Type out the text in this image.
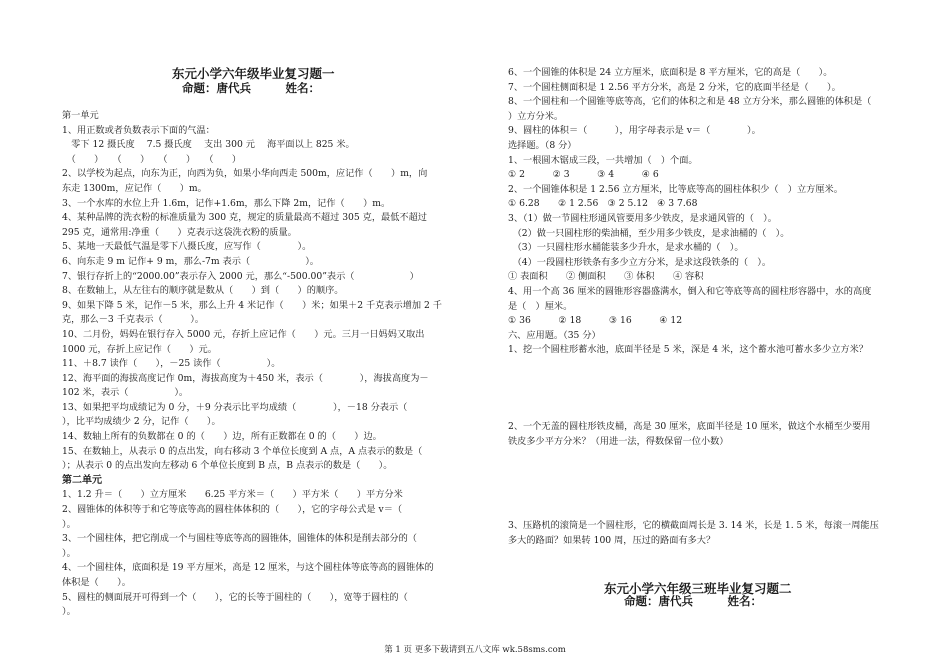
东元小学六年级毕业复习题一
命题：唐代兵　　　姓名：
第一单元
1、用正数或者负数表示下面的气温：
　零下 12 摄氏度　 7.5 摄氏度　 支出 300 元　 海平面以上 825 米。
　（　　）　　（　　）　　（　　）　　（　　）
2、以学校为起点，向东为正，向西为负，如果小华向西走 500m，应记作（　　）m，向
东走 1300m，应记作（　　）m。
3、一个水库的水位上升 1.6m，记作+1.6m，那么下降 2m，记作（　　）m。
4、某种品牌的洗衣粉的标准质量为 300 克，规定的质量最高不超过 305 克，最低不超过
295 克，通常用:净重（　　）克表示这袋洗衣粉的质量。
5、某地一天最低气温是零下八摄氏度，应写作（　　　　）。
6、向东走 9 m 记作+ 9 m，那么-7m 表示（　　　　　　）。
7、银行存折上的“2000.00”表示存入 2000 元，那么“-500.00”表示（　　　　　　）
8、在数轴上，从左往右的顺序就是数从（　　）到（　　）的顺序。
9、如果下降 5 米，记作－5 米，那么上升 4 米记作（　　）米；如果＋2 千克表示增加 2 千
克，那么－3 千克表示（　　　）。
10、二月份，妈妈在银行存入 5000 元，存折上应记作（　　）元。三月一日妈妈又取出
1000 元，存折上应记作（　　）元。
11、＋8.7 读作（　　），－25 读作（　　　　　）。
12、海平面的海拔高度记作 0m，海拔高度为＋450 米，表示（　　　　），海拔高度为－
102 米，表示（　　　　　）。
13、如果把平均成绩记为 0 分，＋9 分表示比平均成绩（　　　　），－18 分表示（
），比平均成绩少 2 分，记作（　　）。
14、数轴上所有的负数都在 0 的（　　）边，所有正数都在 0 的（　　）边。
15、在数轴上，从表示 0 的点出发，向右移动 3 个单位长度到 A 点，A 点表示的数是（
）；从表示 0 的点出发向左移动 6 个单位长度到 B 点，B 点表示的数是（　　）。
第二单元
1、1.2 升＝（　　）立方厘米　　6.25 平方米＝（　　）平方米（　　）平方分米
2、圆锥体的体积等于和它等底等高的圆柱体体积的（　　），它的字母公式是 v＝（
）。
3、一个圆柱体，把它削成一个与圆柱等底等高的圆锥体，圆锥体的体积是削去部分的（
）。
4、一个圆柱体，底面积是 19 平方厘米，高是 12 厘米，与这个圆柱体等底等高的圆锥体的
体积是（　　）。
5、圆柱的侧面展开可得到一个（　　），它的长等于圆柱的（　　），宽等于圆柱的（
）。
6、一个圆锥的体积是 24 立方厘米，底面积是 8 平方厘米，它的高是（　　）。
7、一个圆柱侧面积是 1 2.56 平方分米，高是 2 分米，它的底面半径是（　　）。
8、一个圆柱和一个圆锥等底等高，它们的体积之和是 48 立方分米，那么圆锥的体积是（
）立方分米。
9、圆柱的体积＝（　　　），用字母表示是 v＝（　　　　）。
选择题。（8 分）
1、一根圆木锯成三段，一共增加（　）个面。
① 2　　　② 3　　　③ 4　　　④ 6
2、一个圆锥体积是 1 2.56 立方厘米，比等底等高的圆柱体积少（　）立方厘米。
① 6.28　　② 1 2.56　③ 2 5.12　④ 3 7.68
3、（1）做一节圆柱形通风管要用多少铁皮，是求通风管的（　）。
　（2）做一只圆柱形的柴油桶，至少用多少铁皮，是求油桶的（　）。
　（3）一只圆柱形水桶能装多少升水，是求水桶的（　）。
　（4）一段圆柱形铁条有多少立方分米，是求这段铁条的（　）。
① 表面积　　② 侧面积　　③ 体积　　④ 容积
4、用一个高 36 厘米的圆锥形容器盛满水，倒入和它等底等高的圆柱形容器中，水的高度
是（　）厘米。
① 36　　　② 18　　　③ 16　　　④ 12
六、应用题。（35 分）
1、挖一个圆柱形蓄水池，底面半径是 5 米，深是 4 米，这个蓄水池可蓄水多少立方米？
2、一个无盖的圆柱形铁皮桶，高是 30 厘米，底面半径是 10 厘米，做这个水桶至少要用
铁皮多少平方分米？（用进一法，得数保留一位小数）
3、压路机的滚筒是一个圆柱形，它的横截面周长是 3. 14 米，长是 1. 5 米，每滚一周能压
多大的路面？如果转 100 周，压过的路面有多大？
东元小学六年级三班毕业复习题二
命题：唐代兵　　　姓名：
第 1 页 更多下载请到五八文库 wk.58sms.com
